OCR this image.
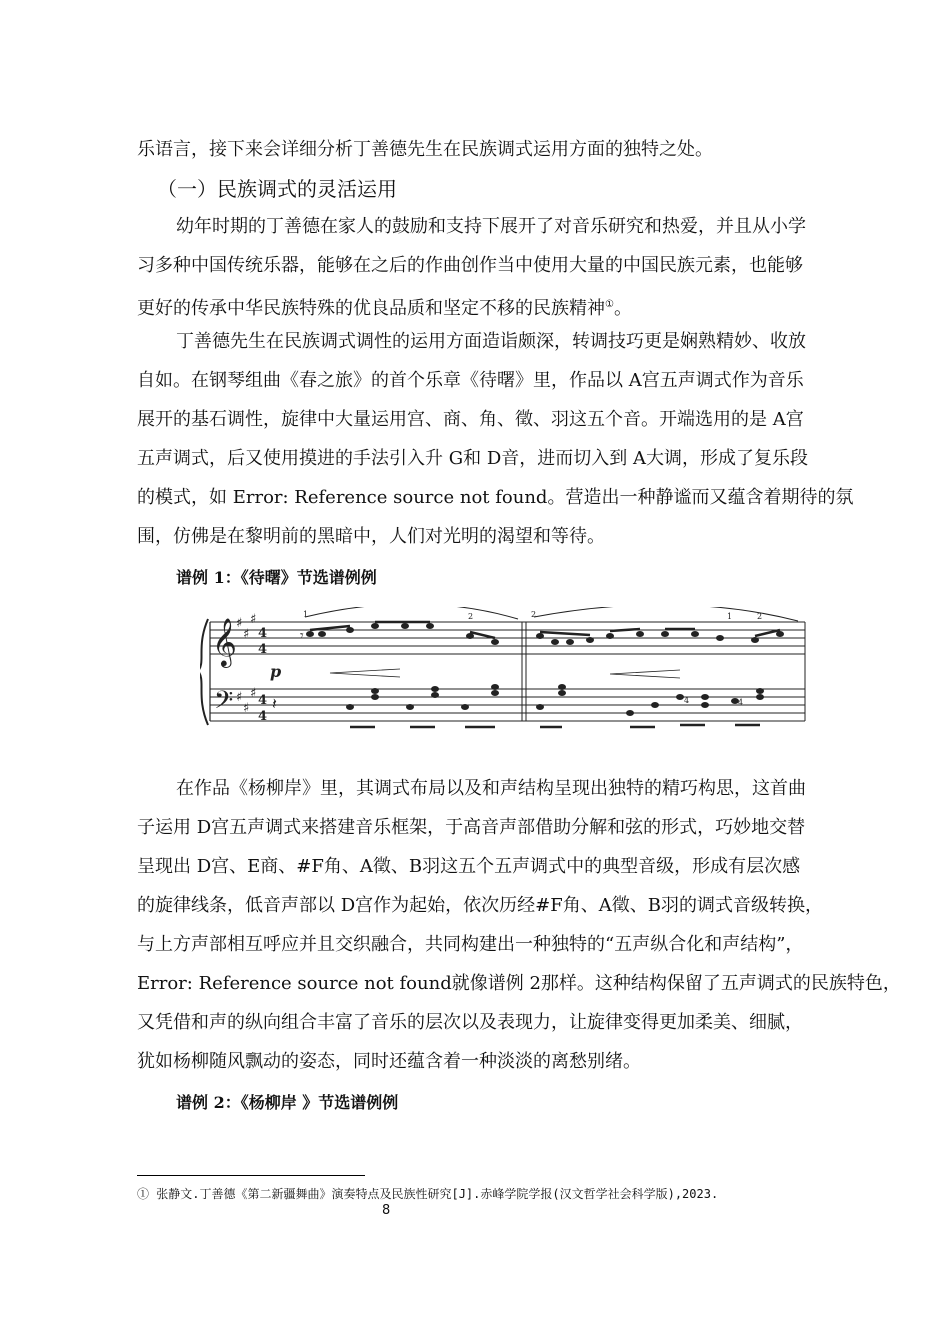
乐语言，接下来会详细分析丁善德先生在民族调式运用方面的独特之处。
（一）民族调式的灵活运用
幼年时期的丁善德在家人的鼓励和支持下展开了对音乐研究和热爱，并且从小学
习多种中国传统乐器，能够在之后的作曲创作当中使用大量的中国民族元素，也能够
更好的传承中华民族特殊的优良品质和坚定不移的民族精神①。
丁善德先生在民族调式调性的运用方面造诣颇深，转调技巧更是娴熟精妙、收放
自如。在钢琴组曲《春之旅》的首个乐章《待曙》里，作品以 A宫五声调式作为音乐
展开的基石调性，旋律中大量运用宫、商、角、徵、羽这五个音。开端选用的是 A宫
五声调式，后又使用摸进的手法引入升 G和 D音，进而切入到 A大调，形成了复乐段
的模式，如 Error: Reference source not found。营造出一种静谧而又蕴含着期待的氛
围，仿佛是在黎明前的黑暗中，人们对光明的渴望和等待。
谱例 1：《待曙》节选谱例例
𝄞
𝄢
♯
♯
♯
♯
♯
♯
4
4
4
4
𝄾
𝄽
1	2	2	1	2
p
4	4
在作品《杨柳岸》里，其调式布局以及和声结构呈现出独特的精巧构思，这首曲
子运用 D宫五声调式来搭建音乐框架，于高音声部借助分解和弦的形式，巧妙地交替
呈现出 D宫、E商、#F角、A徵、B羽这五个五声调式中的典型音级，形成有层次感
的旋律线条，低音声部以 D宫作为起始，依次历经#F角、A徵、B羽的调式音级转换，
与上方声部相互呼应并且交织融合，共同构建出一种独特的“五声纵合化和声结构”，
Error: Reference source not found就像谱例 2那样。这种结构保留了五声调式的民族特色，
又凭借和声的纵向组合丰富了音乐的层次以及表现力，让旋律变得更加柔美、细腻，
犹如杨柳随风飘动的姿态，同时还蕴含着一种淡淡的离愁别绪。
谱例 2：《杨柳岸 》节选谱例例
① 张静文.丁善德《第二新疆舞曲》演奏特点及民族性研究[J].赤峰学院学报(汉文哲学社会科学版),2023.
8
